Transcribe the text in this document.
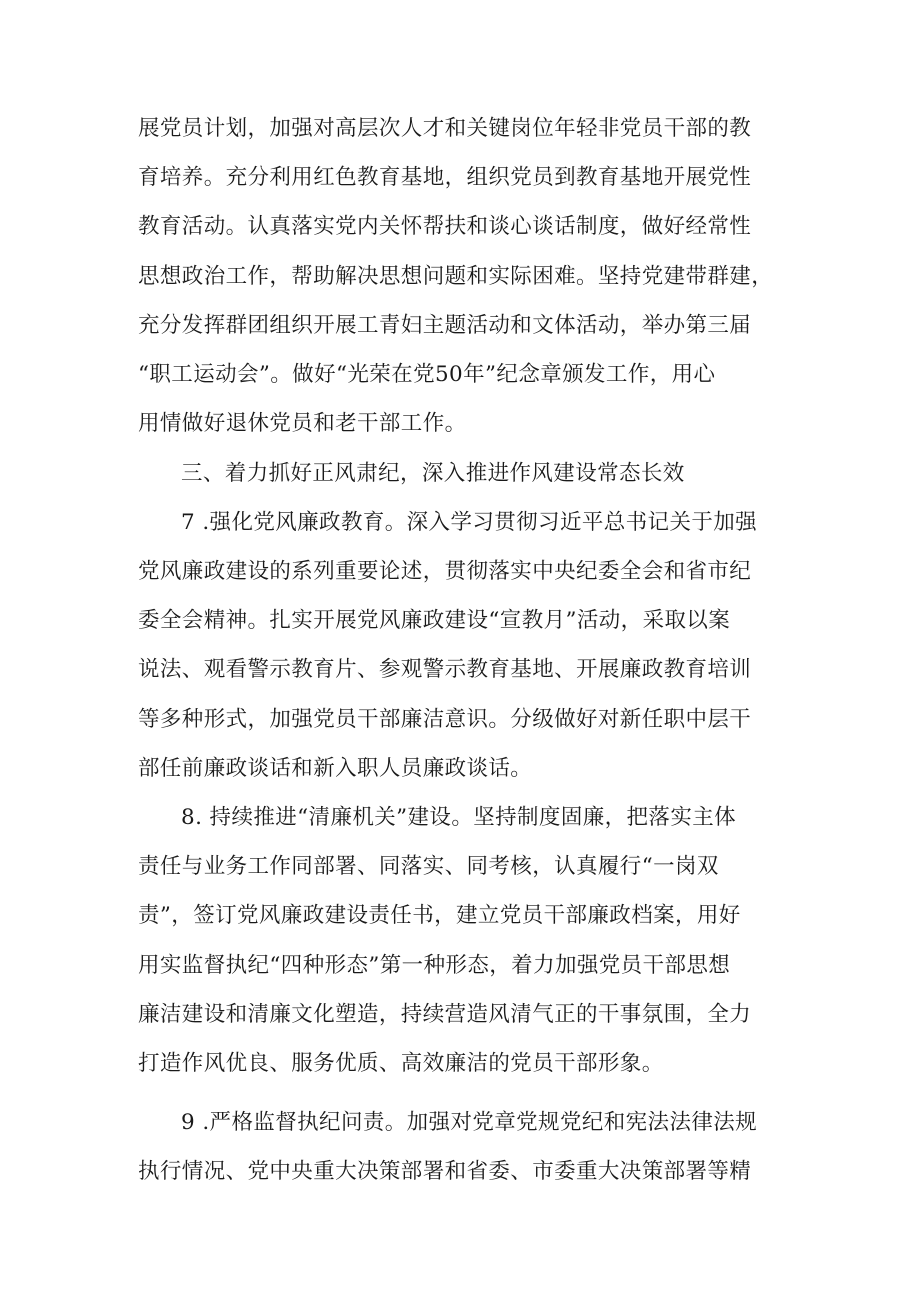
展党员计划，加强对高层次人才和关键岗位年轻非党员干部的教
育培养。充分利用红色教育基地，组织党员到教育基地开展党性
教育活动。认真落实党内关怀帮扶和谈心谈话制度，做好经常性
思想政治工作，帮助解决思想问题和实际困难。坚持党建带群建，
充分发挥群团组织开展工青妇主题活动和文体活动，举办第三届
“职工运动会”。做好“光荣在党50年”纪念章颁发工作，用心
用情做好退休党员和老干部工作。
三、着力抓好正风肃纪，深入推进作风建设常态长效
7 .强化党风廉政教育。深入学习贯彻习近平总书记关于加强
党风廉政建设的系列重要论述，贯彻落实中央纪委全会和省市纪
委全会精神。扎实开展党风廉政建设“宣教月”活动，采取以案
说法、观看警示教育片、参观警示教育基地、开展廉政教育培训
等多种形式，加强党员干部廉洁意识。分级做好对新任职中层干
部任前廉政谈话和新入职人员廉政谈话。
8. 持续推进“清廉机关”建设。坚持制度固廉，把落实主体
责任与业务工作同部署、同落实、同考核，认真履行“一岗双
责”，签订党风廉政建设责任书，建立党员干部廉政档案，用好
用实监督执纪“四种形态”第一种形态，着力加强党员干部思想
廉洁建设和清廉文化塑造，持续营造风清气正的干事氛围，全力
打造作风优良、服务优质、高效廉洁的党员干部形象。
9 .严格监督执纪问责。加强对党章党规党纪和宪法法律法规
执行情况、党中央重大决策部署和省委、市委重大决策部署等精
